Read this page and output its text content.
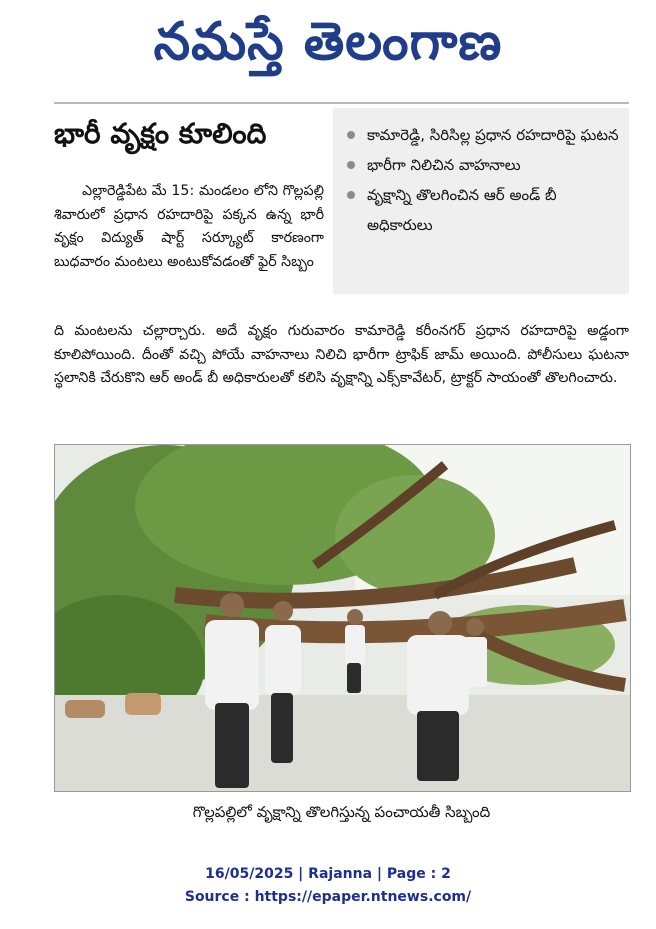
నమస్తే తెలంగాణ
భారీ వృక్షం కూలింది	కామారెడ్డి, సిరిసిల్ల ప్రధాన రహదారిపై ఘటన
భారీగా నిలిచిన వాహనాలు
వృక్షాన్ని తొలగించిన ఆర్ అండ్ బీ అధికారులు
ఎల్లారెడ్డిపేట మే 15: మండలం లోని గొల్లపల్లి శివారులో ప్రధాన రహదారిపై పక్కన ఉన్న భారీ వృక్షం విద్యుత్ షార్ట్ సర్క్యూట్ కారణంగా బుధవారం మంటలు అంటుకోవడంతో ఫైర్ సిబ్బం
ది మంటలను చల్లార్చారు. అదే వృక్షం గురువారం కామారెడ్డి కరీంనగర్ ప్రధాన రహదారిపై అడ్డంగా కూలిపోయింది. దీంతో వచ్చి పోయే వాహనాలు నిలిచి భారీగా ట్రాఫిక్ జామ్ అయింది. పోలీసులు ఘటనా స్థలానికి చేరుకొని ఆర్ అండ్ బీ అధికారులతో కలిసి వృక్షాన్ని ఎక్స్‌కావేటర్, ట్రాక్టర్ సాయంతో తొలగించారు.
గొల్లపల్లిలో వృక్షాన్ని తొలగిస్తున్న పంచాయతీ సిబ్బంది
16/05/2025 | Rajanna | Page : 2
Source : https://epaper.ntnews.com/
